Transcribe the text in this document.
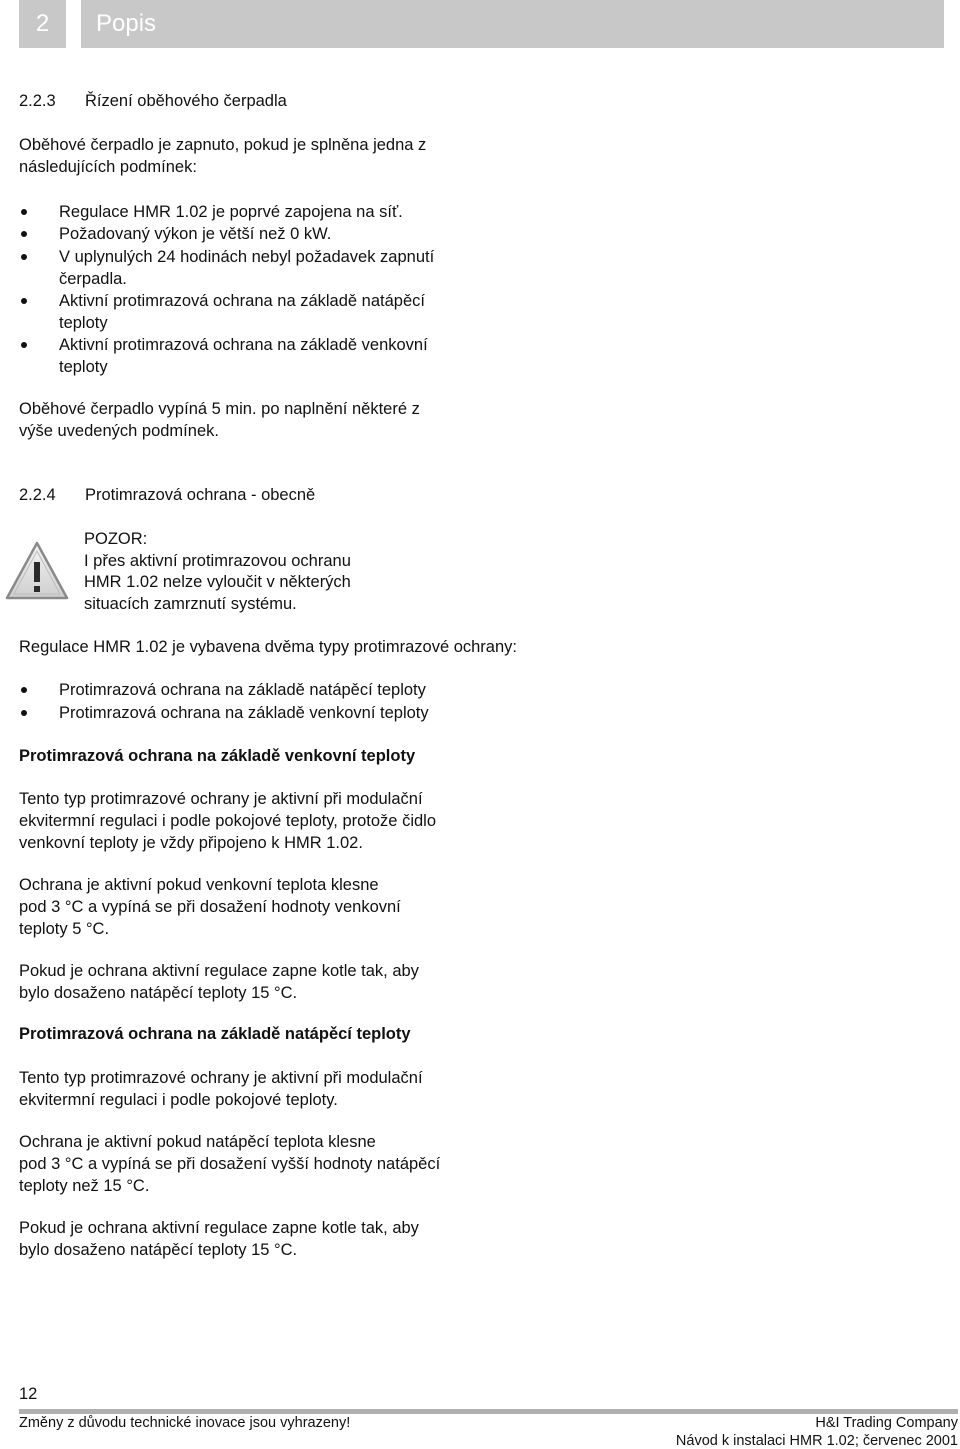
2	Popis
2.2.3 Řízení oběhového čerpadla
Oběhové čerpadlo je zapnuto, pokud je splněna jedna z
následujících podmínek:
Regulace HMR 1.02 je poprvé zapojena na síť.
Požadovaný výkon je větší než 0 kW.
V uplynulých 24 hodinách nebyl požadavek zapnutí
čerpadla.
Aktivní protimrazová ochrana na základě natápěcí
teploty
Aktivní protimrazová ochrana na základě venkovní
teploty
Oběhové čerpadlo vypíná 5 min. po naplnění některé z
výše uvedených podmínek.
2.2.4 Protimrazová ochrana - obecně
POZOR:
I přes aktivní protimrazovou ochranu
HMR 1.02 nelze vyloučit v některých
situacích zamrznutí systému.
Regulace HMR 1.02 je vybavena dvěma typy protimrazové ochrany:
Protimrazová ochrana na základě natápěcí teploty
Protimrazová ochrana na základě venkovní teploty
Protimrazová ochrana na základě venkovní teploty
Tento typ protimrazové ochrany je aktivní při modulační
ekvitermní regulaci i podle pokojové teploty, protože čidlo
venkovní teploty je vždy připojeno k HMR 1.02.
Ochrana je aktivní pokud venkovní teplota klesne
pod 3 °C a vypíná se při dosažení hodnoty venkovní
teploty 5 °C.
Pokud je ochrana aktivní regulace zapne kotle tak, aby
bylo dosaženo natápěcí teploty 15 °C.
Protimrazová ochrana na základě natápěcí teploty
Tento typ protimrazové ochrany je aktivní při modulační
ekvitermní regulaci i podle pokojové teploty.
Ochrana je aktivní pokud natápěcí teplota klesne
pod 3 °C a vypíná se při dosažení vyšší hodnoty natápěcí
teploty než 15 °C.
Pokud je ochrana aktivní regulace zapne kotle tak, aby
bylo dosaženo natápěcí teploty 15 °C.
12
Změny z důvodu technické inovace jsou vyhrazeny!	H&I Trading Company
Návod k instalaci HMR 1.02; červenec 2001
